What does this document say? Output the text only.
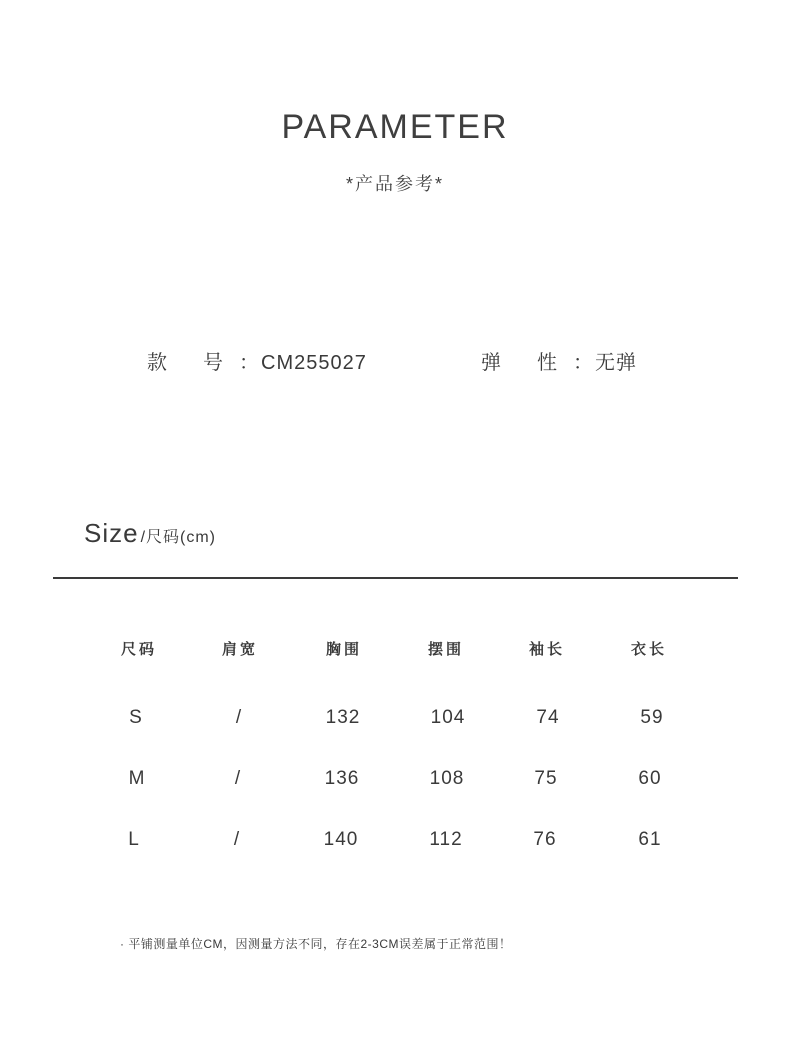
PARAMETER
*产品参考*
款 号 ：CM255027	弹 性 ：无弹
Size /尺码(cm)
尺码	肩宽	胸围	摆围	袖长	衣长
S	/	132	104	74	59
M	/	136	108	75	60
L	/	140	112	76	61
· 平铺测量单位CM，因测量方法不同，存在2-3CM误差属于正常范围！
